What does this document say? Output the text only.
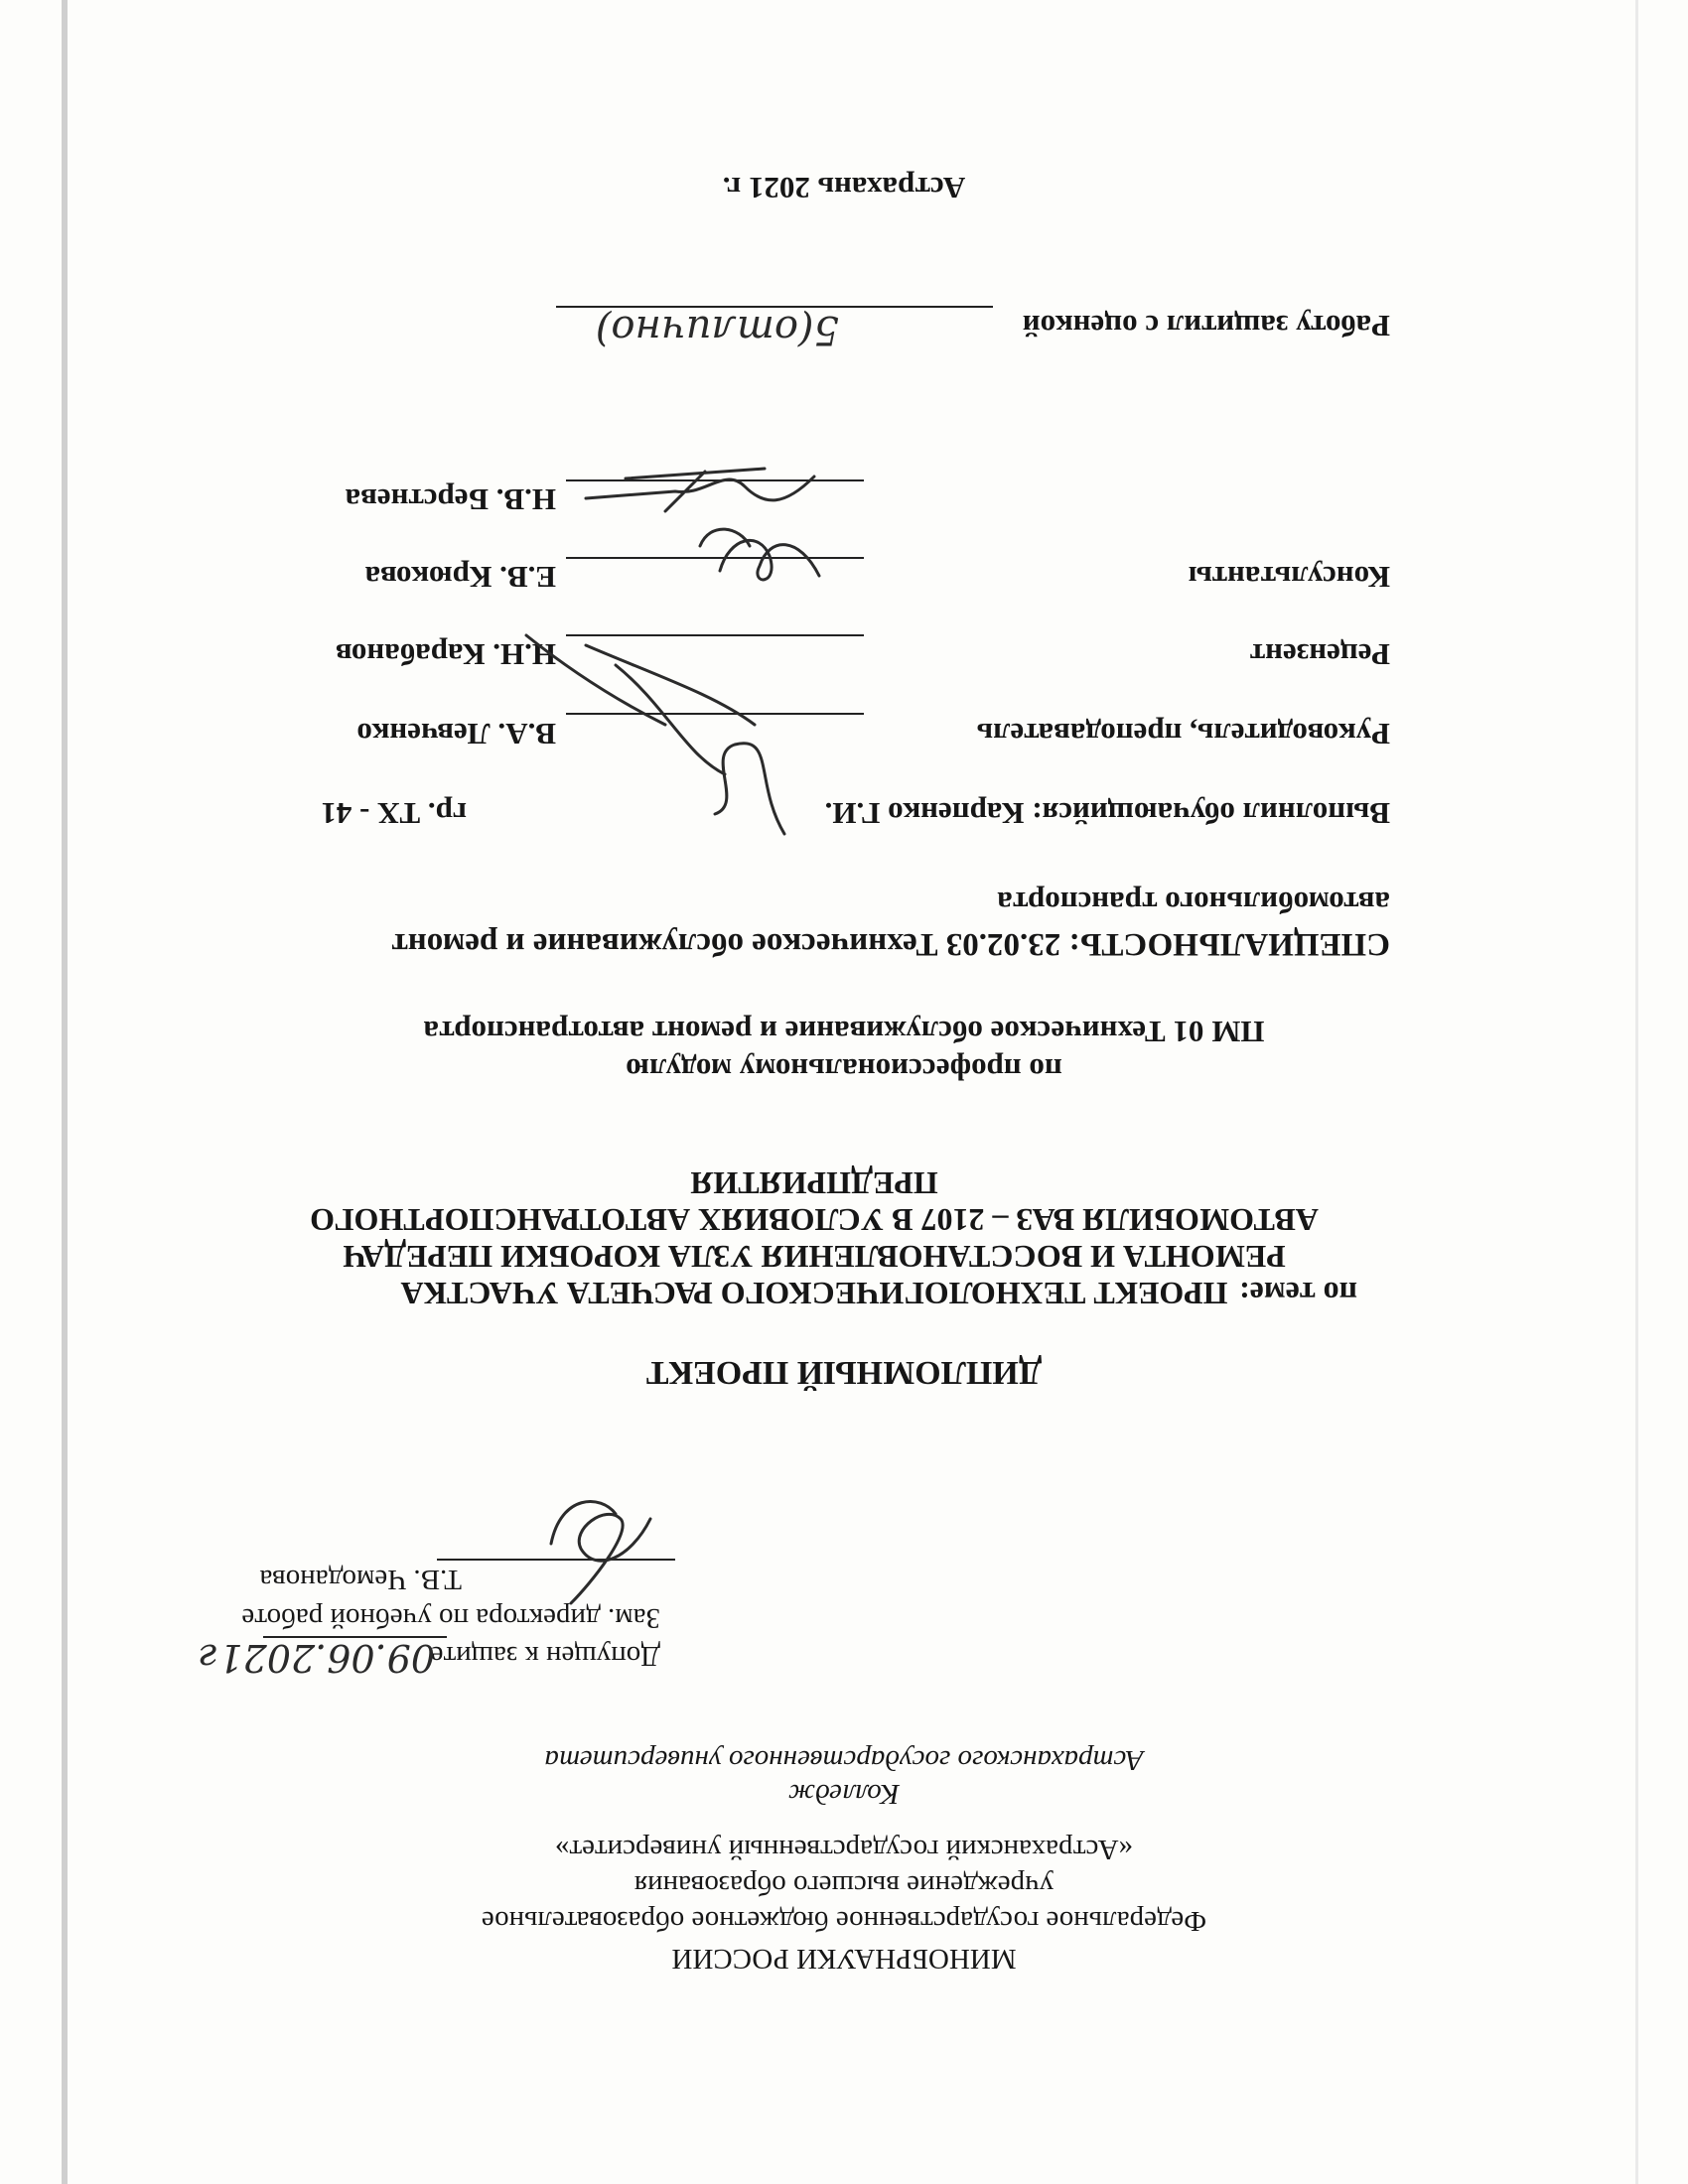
МИНОБРНАУКИ РОССИИ

Федеральное государственное бюджетное образовательное

учреждение высшего образования

«Астраханский государственный университет»

Колледж

Астраханского государственного университета

Допущен к защите

09.06.2021г

Зам. директора по учебной работе

Т.В. Чемоданова

ДИПЛОМНЫЙ ПРОЕКТ

по теме:

ПРОЕКТ ТЕХНОЛОГИЧЕСКОГО РАСЧЕТА УЧАСТКА

РЕМОНТА И ВОССТАНОВЛЕНИЯ УЗЛА КОРОБКИ ПЕРЕДАЧ

АВТОМОБИЛЯ ВАЗ – 2107 В УСЛОВИЯХ АВТОТРАНСПОРТНОГО

ПРЕДПРИЯТИЯ

по профессиональному модулю

ПМ 01 Техническое обслуживание и ремонт автотранспорта

СПЕЦИАЛЬНОСТЬ: 23.02.03 Техническое обслуживание и ремонт

автомобильного транспорта

Выполнил обучающийся: Карпенко Г.И.

гр. ТХ - 41

Руководитель, преподаватель

В.А. Левченко

Рецензент

Н.Н. Карабанов

Консультанты

Е.В. Крюкова

Н.В. Берстнева

Работу защитил с оценкой

5(отлично)

Астрахань 2021 г.
